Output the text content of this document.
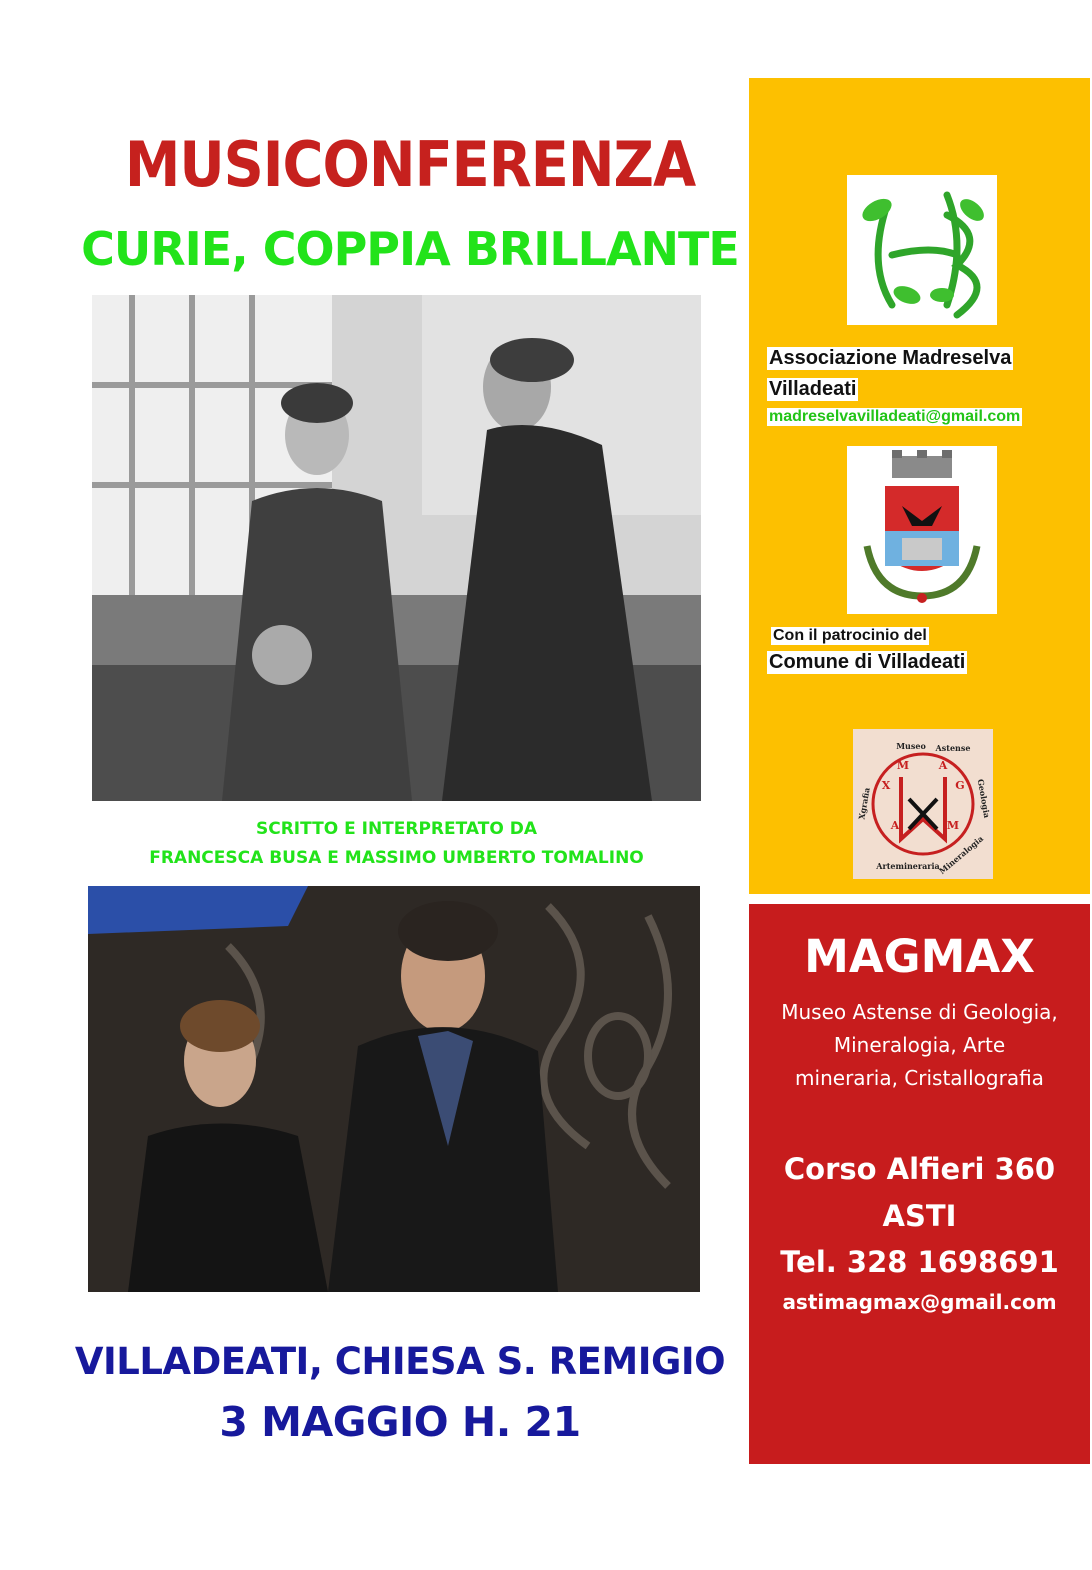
MUSICONFERENZA
CURIE, COPPIA BRILLANTE
SCRITTO E INTERPRETATO DA
FRANCESCA BUSA E MASSIMO UMBERTO TOMALINO
VILLADEATI, CHIESA S. REMIGIO
3 MAGGIO H. 21
Associazione Madreselva
Villadeati
madreselvavilladeati@gmail.com
Con il patrocinio del
Comune di Villadeati
M	A
X	G
A	M
Museo Astense
Geologia
Mineralogia
Artemineraria
Xgrafia
MAGMAX
Museo Astense di Geologia,
Mineralogia, Arte
mineraria, Cristallografia
Corso Alfieri 360
ASTI
Tel. 328 1698691
astimagmax@gmail.com
